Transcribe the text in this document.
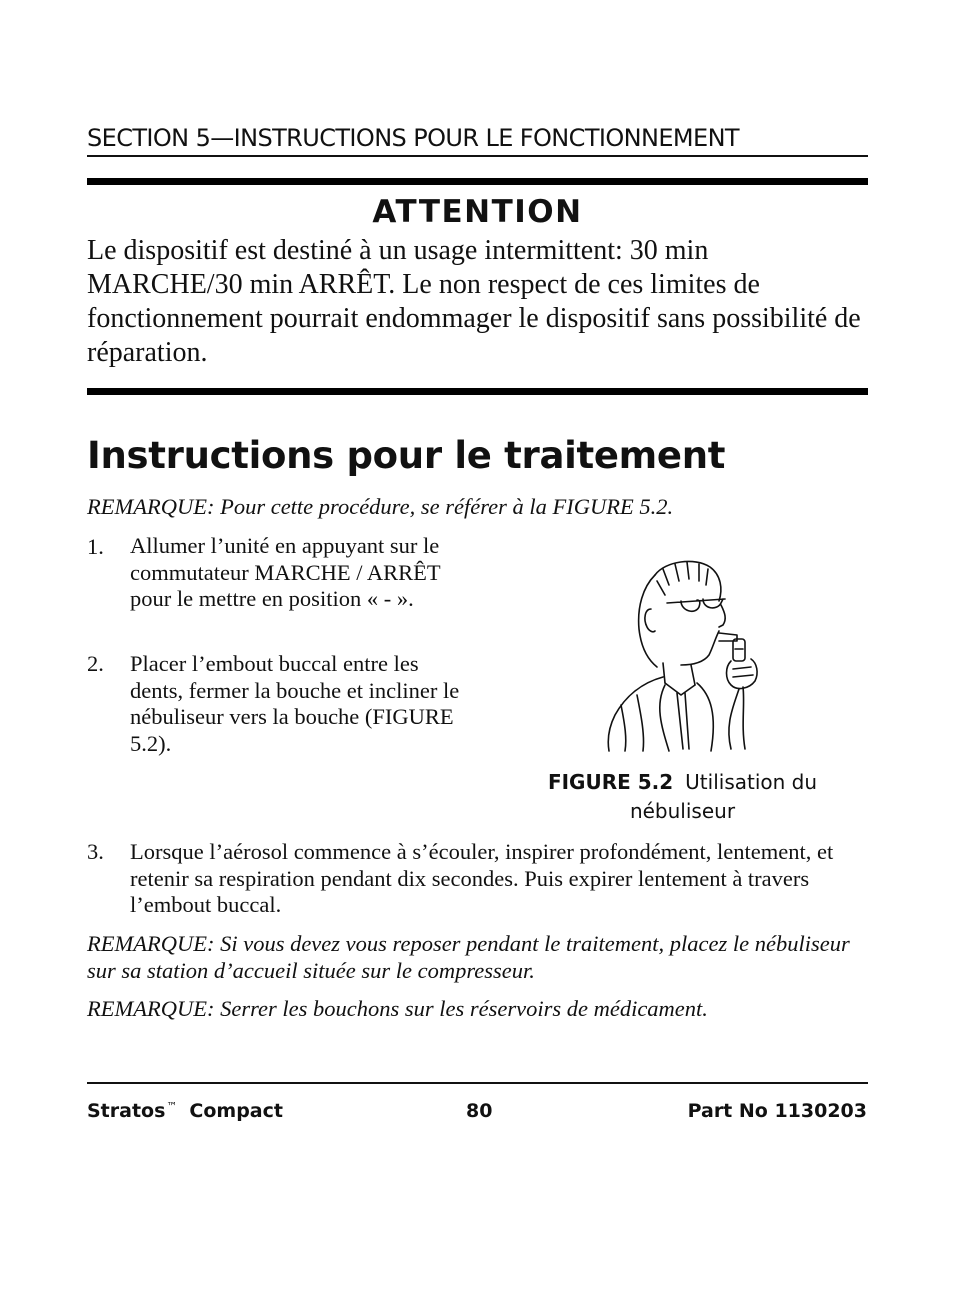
SECTION 5—INSTRUCTIONS POUR LE FONCTIONNEMENT
ATTENTION
Le dispositif est destiné à un usage intermittent: 30 min MARCHE/30 min ARRÊT. Le non respect de ces limites de fonctionnement pourrait endommager le dispositif sans possibilité de réparation.
Instructions pour le traitement
REMARQUE: Pour cette procédure, se référer à la FIGURE 5.2.
1. Allumer l’unité en appuyant sur le commutateur MARCHE / ARRÊT pour le mettre en position « - ».
2. Placer l’embout buccal entre les dents, fermer la bouche et incliner le nébuliseur vers la bouche (FIGURE 5.2).
FIGURE 5.2 Utilisation du
nébuliseur
3. Lorsque l’aérosol commence à s’écouler, inspirer profondément, lentement, et retenir sa respiration pendant dix secondes. Puis expirer lentement à travers l’embout buccal.
REMARQUE: Si vous devez vous reposer pendant le traitement, placez le nébuliseur sur sa station d’accueil située sur le compresseur.
REMARQUE: Serrer les bouchons sur les réservoirs de médicament.
Stratos™ Compact	80	Part No 1130203
